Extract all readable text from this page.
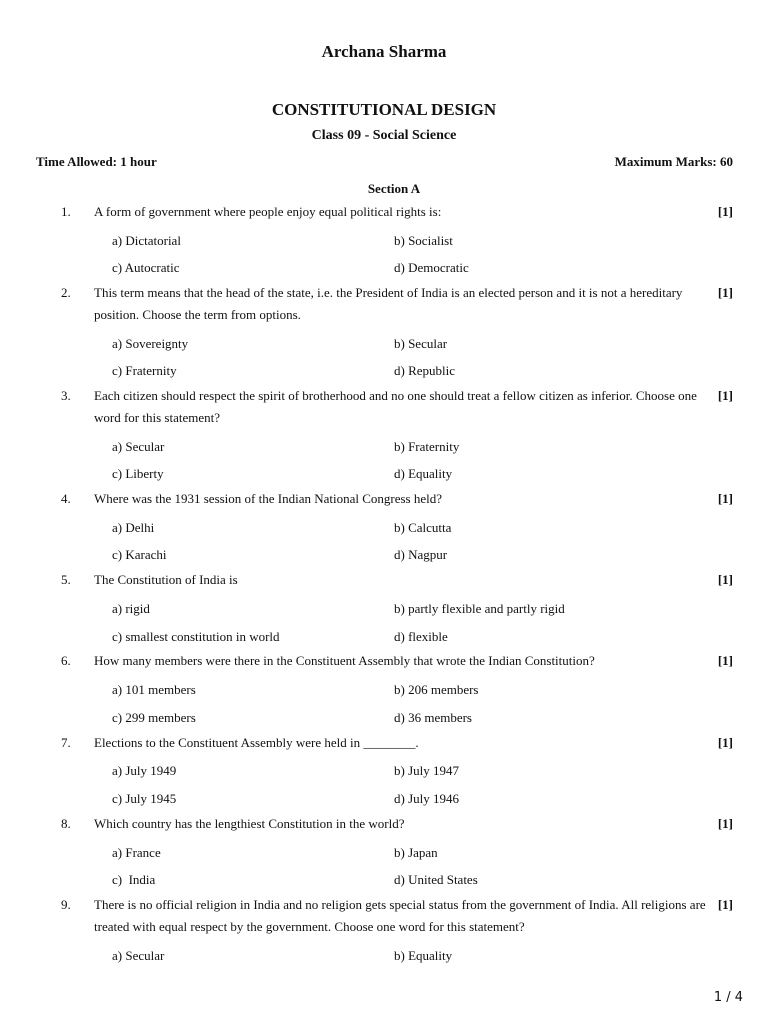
Archana Sharma
CONSTITUTIONAL DESIGN
Class 09 - Social Science
Time Allowed: 1 hour	Maximum Marks: 60
Section A
1. A form of government where people enjoy equal political rights is:	[1]
a) Dictatorial	b) Socialist
c) Autocratic	d) Democratic
2. This term means that the head of the state, i.e. the President of India is an elected person and it is not a hereditary position. Choose the term from options.
[1]
a) Sovereignty	b) Secular
c) Fraternity	d) Republic
3. Each citizen should respect the spirit of brotherhood and no one should treat a fellow citizen as inferior. Choose one word for this statement?
[1]
a) Secular	b) Fraternity
c) Liberty	d) Equality
4. Where was the 1931 session of the Indian National Congress held?	[1]
a) Delhi	b) Calcutta
c) Karachi	d) Nagpur
5. The Constitution of India is	[1]
a) rigid	b) partly flexible and partly rigid
c) smallest constitution in world	d) flexible
6. How many members were there in the Constituent Assembly that wrote the Indian Constitution?	[1]
a) 101 members	b) 206 members
c) 299 members	d) 36 members
7. Elections to the Constituent Assembly were held in ________.	[1]
a) July 1949	b) July 1947
c) July 1945	d) July 1946
8. Which country has the lengthiest Constitution in the world?	[1]
a) France	b) Japan
c)  India	d) United States
9. There is no official religion in India and no religion gets special status from the government of India. All religions are treated with equal respect by the government. Choose one word for this statement?
[1]
a) Secular	b) Equality
1 / 4
